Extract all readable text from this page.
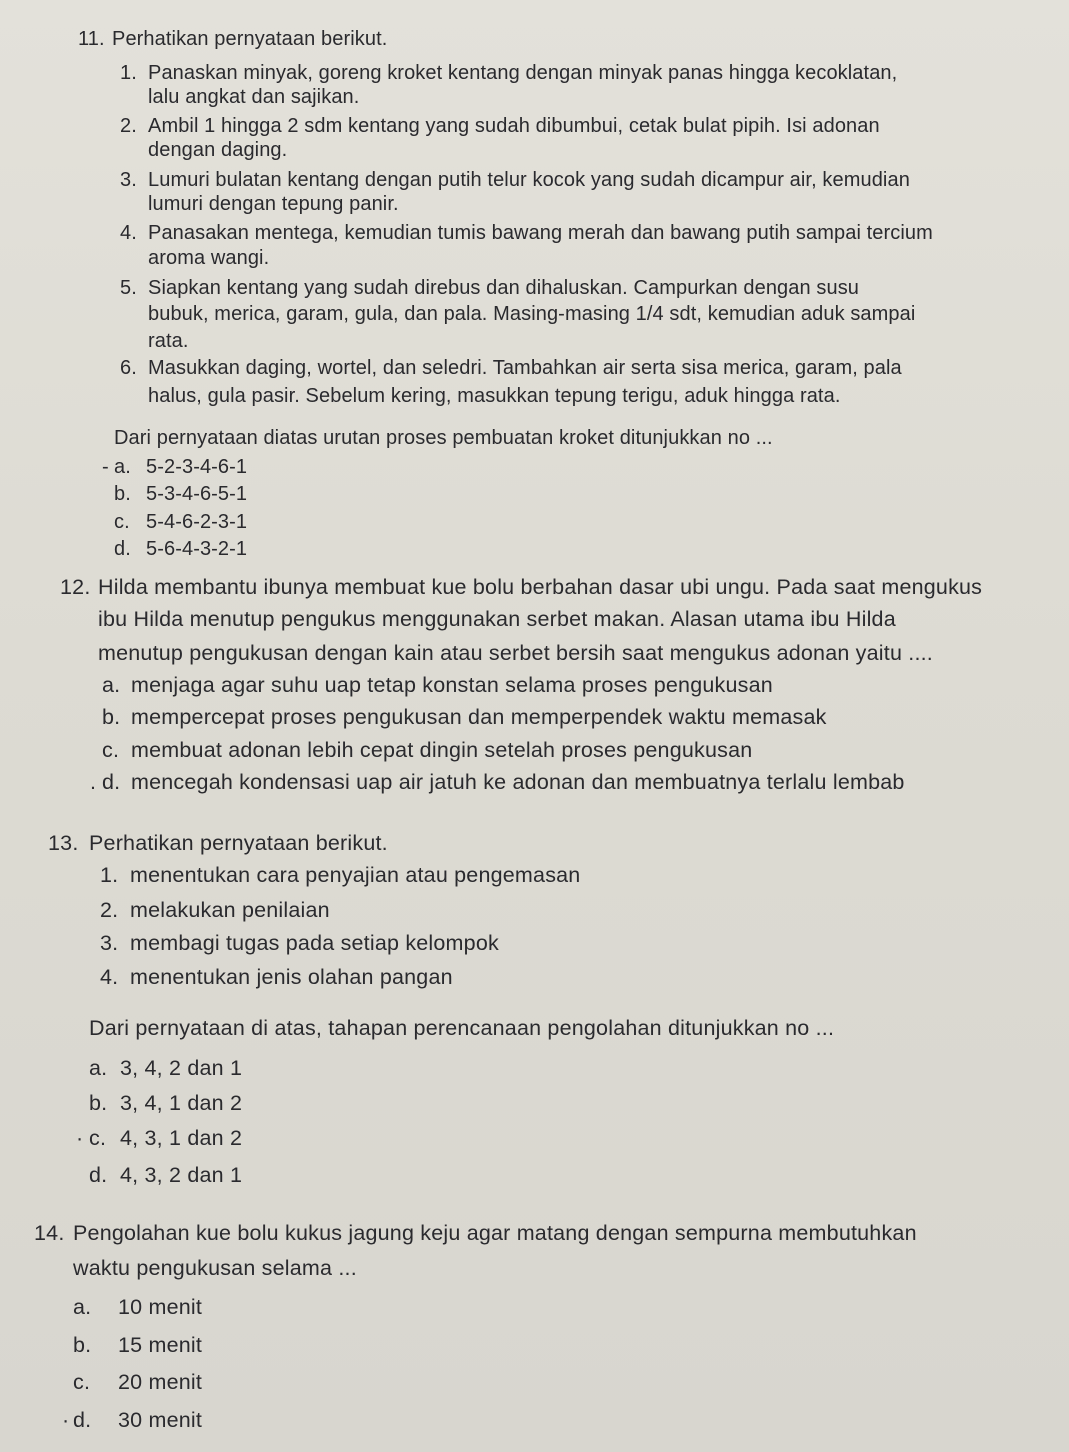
11. Perhatikan pernyataan berikut.
1. Panaskan minyak, goreng kroket kentang dengan minyak panas hingga kecoklatan,
lalu angkat dan sajikan.
2. Ambil 1 hingga 2 sdm kentang yang sudah dibumbui, cetak bulat pipih. Isi adonan
dengan daging.
3. Lumuri bulatan kentang dengan putih telur kocok yang sudah dicampur air, kemudian
lumuri dengan tepung panir.
4. Panasakan mentega, kemudian tumis bawang merah dan bawang putih sampai tercium
aroma wangi.
5. Siapkan kentang yang sudah direbus dan dihaluskan. Campurkan dengan susu
bubuk, merica, garam, gula, dan pala. Masing-masing 1/4 sdt, kemudian aduk sampai
rata.
6. Masukkan daging, wortel, dan seledri. Tambahkan air serta sisa merica, garam, pala
halus, gula pasir. Sebelum kering, masukkan tepung terigu, aduk hingga rata.
Dari pernyataan diatas urutan proses pembuatan kroket ditunjukkan no ...
- a. 5-2-3-4-6-1
b. 5-3-4-6-5-1
c. 5-4-6-2-3-1
d. 5-6-4-3-2-1
12. Hilda membantu ibunya membuat kue bolu berbahan dasar ubi ungu. Pada saat mengukus
ibu Hilda menutup pengukus menggunakan serbet makan. Alasan utama ibu Hilda
menutup pengukusan dengan kain atau serbet bersih saat mengukus adonan yaitu ....
a. menjaga agar suhu uap tetap konstan selama proses pengukusan
b. mempercepat proses pengukusan dan memperpendek waktu memasak
c. membuat adonan lebih cepat dingin setelah proses pengukusan
. d. mencegah kondensasi uap air jatuh ke adonan dan membuatnya terlalu lembab
13. Perhatikan pernyataan berikut.
1. menentukan cara penyajian atau pengemasan
2. melakukan penilaian
3. membagi tugas pada setiap kelompok
4. menentukan jenis olahan pangan
Dari pernyataan di atas, tahapan perencanaan pengolahan ditunjukkan no ...
a. 3, 4, 2 dan 1
b. 3, 4, 1 dan 2
· c. 4, 3, 1 dan 2
d. 4, 3, 2 dan 1
14. Pengolahan kue bolu kukus jagung keju agar matang dengan sempurna membutuhkan
waktu pengukusan selama ...
a. 10 menit
b. 15 menit
c. 20 menit
· d. 30 menit
